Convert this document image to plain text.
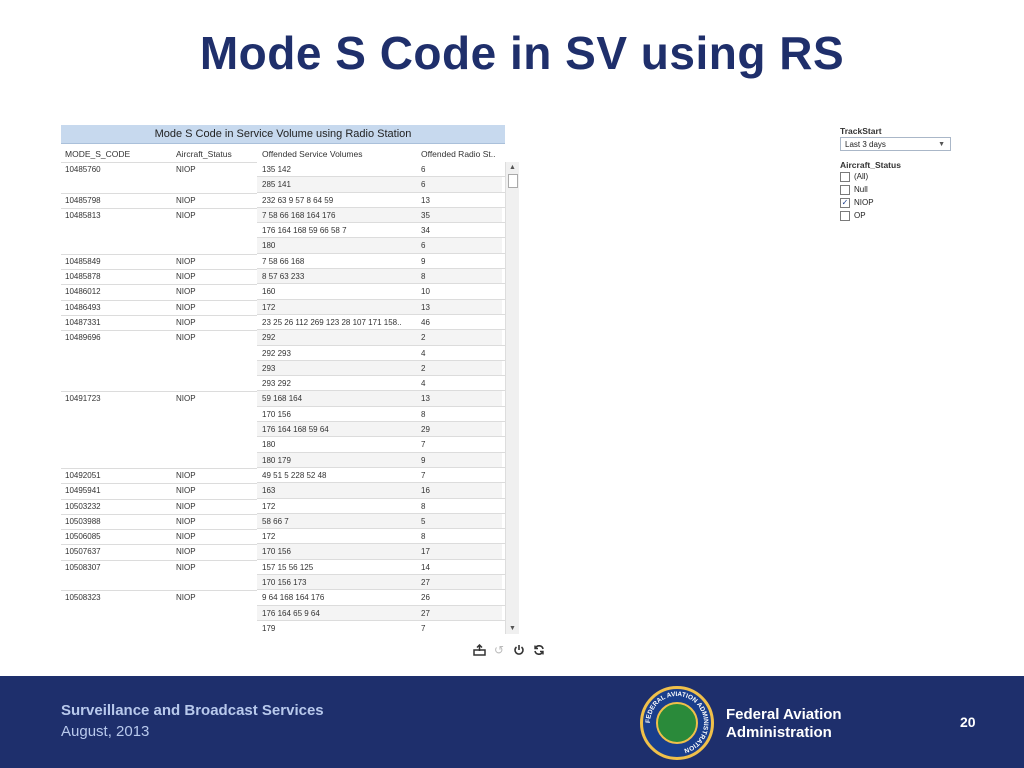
Mode S Code in SV using RS
Mode S Code in Service Volume using Radio Station
MODE_S_CODE	Aircraft_Status	Offended Service Volumes	Offended Radio St..
10485760	NIOP	135 142	6
285 141	6
10485798	NIOP	232 63 9 57 8 64 59	13
10485813	NIOP	7 58 66 168 164 176	35
176 164 168 59 66 58 7	34
180	6
10485849	NIOP	7 58 66 168	9
10485878	NIOP	8 57 63 233	8
10486012	NIOP	160	10
10486493	NIOP	172	13
10487331	NIOP	23 25 26 112 269 123 28 107 171 158..	46
10489696	NIOP	292	2
292 293	4
293	2
293 292	4
10491723	NIOP	59 168 164	13
170 156	8
176 164 168 59 64	29
180	7
180 179	9
10492051	NIOP	49 51 5 228 52 48	7
10495941	NIOP	163	16
10503232	NIOP	172	8
10503988	NIOP	58 66 7	5
10506085	NIOP	172	8
10507637	NIOP	170 156	17
10508307	NIOP	157 15 56 125	14
170 156 173	27
10508323	NIOP	9 64 168 164 176	26
176 164 65 9 64	27
179	7
▲
▼
↺
TrackStart
Last 3 days	▼
Aircraft_Status
(All)
Null
✓ NIOP
OP
Surveillance and Broadcast Services
August, 2013
FEDERAL AVIATION ADMINISTRATION
Federal Aviation
Administration
20
